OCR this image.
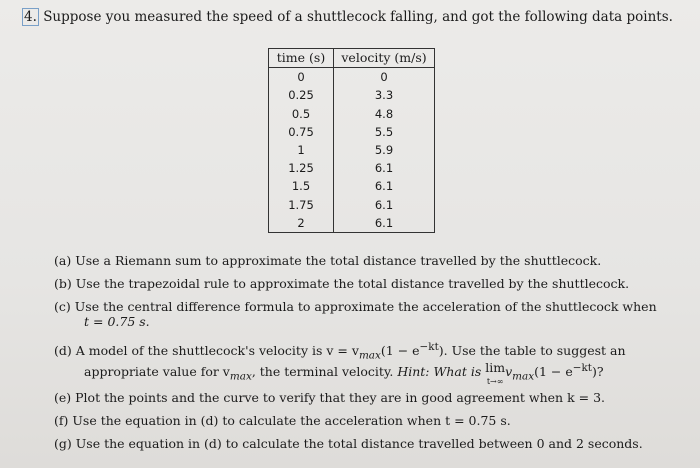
4. Suppose you measured the speed of a shuttlecock falling, and got the following data points.
time (s)	velocity (m/s)
0	0
0.25	3.3
0.5	4.8
0.75	5.5
1	5.9
1.25	6.1
1.5	6.1
1.75	6.1
2	6.1
(a) Use a Riemann sum to approximate the total distance travelled by the shuttlecock.
(b) Use the trapezoidal rule to approximate the total distance travelled by the shuttlecock.
(c) Use the central difference formula to approximate the acceleration of the shuttlecock when
t = 0.75 s.
(d) A model of the shuttlecock's velocity is $v = v_{max}(1 - e^{-kt})$. Use the table to suggest an
appropriate value for $v_{max}$, the terminal velocity. Hint: What is lim
$t\to\infty v_{max}(1 - e^{-kt})$?
(e) Plot the points and the curve to verify that they are in good agreement when k = 3.
(f) Use the equation in (d) to calculate the acceleration when t = 0.75 s.
(g) Use the equation in (d) to calculate the total distance travelled between 0 and 2 seconds.
